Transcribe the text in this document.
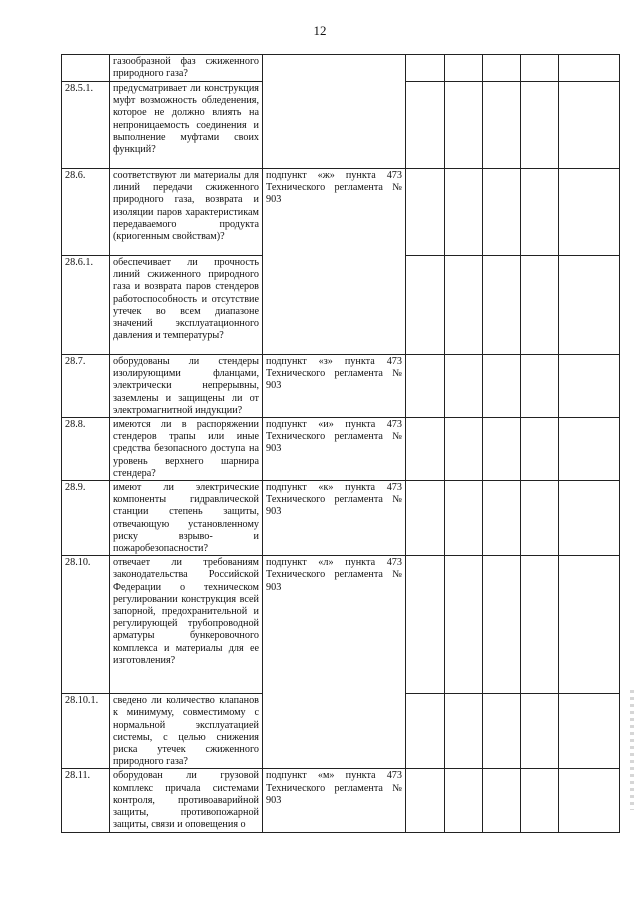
12
	газообразной фаз сжиженного природного газа?						
28.5.1.	предусматривает ли конструкция муфт возможность обледенения, которое не должно влиять на непроницаемость соединения и выполнение муфтами своих функций?						
28.6.	соответствуют ли материалы для линий передачи сжиженного природного газа, возврата и изоляции паров характеристикам передаваемого продукта (криогенным свойствам)?	подпункт «ж» пункта 473 Технического регламента № 903					
28.6.1.	обеспечивает ли прочность линий сжиженного природного газа и возврата паров стендеров работоспособность и отсутствие утечек во всем диапазоне значений эксплуатационного давления и температуры?						
28.7.	оборудованы ли стендеры изолирующими фланцами, электрически непрерывны, заземлены и защищены ли от электромагнитной индукции?	подпункт «з» пункта 473 Технического регламента № 903					
28.8.	имеются ли в распоряжении стендеров трапы или иные средства безопасного доступа на уровень верхнего шарнира стендера?	подпункт «и» пункта 473 Технического регламента № 903					
28.9.	имеют ли электрические компоненты гидравлической станции степень защиты, отвечающую установленному риску взрыво- и пожаробезопасности?	подпункт «к» пункта 473 Технического регламента № 903					
28.10.	отвечает ли требованиям законодательства Российской Федерации о техническом регулировании конструкция всей запорной, предохранительной и регулирующей трубопроводной арматуры бункеровочного комплекса и материалы для ее изготовления?	подпункт «л» пункта 473 Технического регламента № 903					
28.10.1.	сведено ли количество клапанов к минимуму, совместимому с нормальной эксплуатацией системы, с целью снижения риска утечек сжиженного природного газа?						
28.11.	оборудован ли грузовой комплекс причала системами контроля, противоаварийной защиты, противопожарной защиты, связи и оповещения о	подпункт «м» пункта 473 Технического регламента № 903					
